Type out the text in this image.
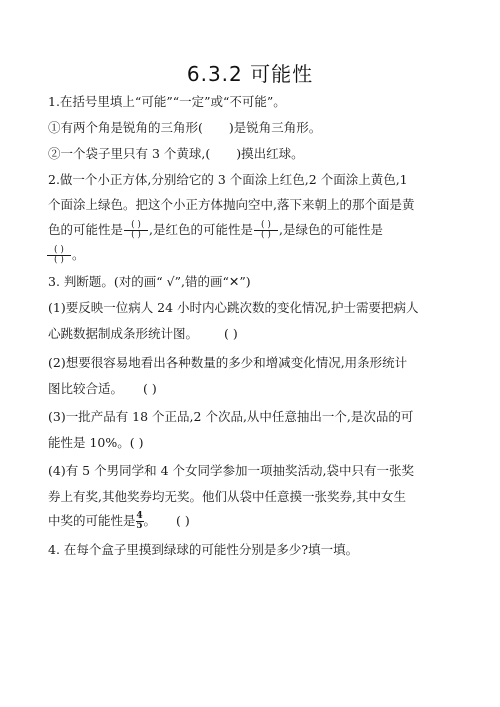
6.3.2 可能性
1.在括号里填上“可能”“一定”或“不可能”。
①有两个角是锐角的三角形( )是锐角三角形。
②一个袋子里只有 3 个黄球,( )摸出红球。
2.做一个小正方体,分别给它的 3 个面涂上红色,2 个面涂上黄色,1
个面涂上绿色。把这个小正方体抛向空中,落下来朝上的那个面是黄
色的可能性是 $\frac{( )}{( )}$ ,是红色的可能性是 $\frac{( )}{( )}$ ,是绿色的可能性是
$\frac{( )}{( )}$ 。
3. 判断题。(对的画“ √”,错的画“✕”)
(1)要反映一位病人 24 小时内心跳次数的变化情况,护士需要把病人
心跳数据制成条形统计图。 ( )
(2)想要很容易地看出各种数量的多少和增减变化情况,用条形统计
图比较合适。 ( )
(3)一批产品有 18 个正品,2 个次品,从中任意抽出一个,是次品的可
能性是 10%。( )
(4)有 5 个男同学和 4 个女同学参加一项抽奖活动,袋中只有一张奖
券上有奖,其他奖券均无奖。他们从袋中任意摸一张奖券,其中女生
中奖的可能性是 $\frac{4}{5}$ 。 ( )
4. 在每个盒子里摸到绿球的可能性分别是多少?填一填。
